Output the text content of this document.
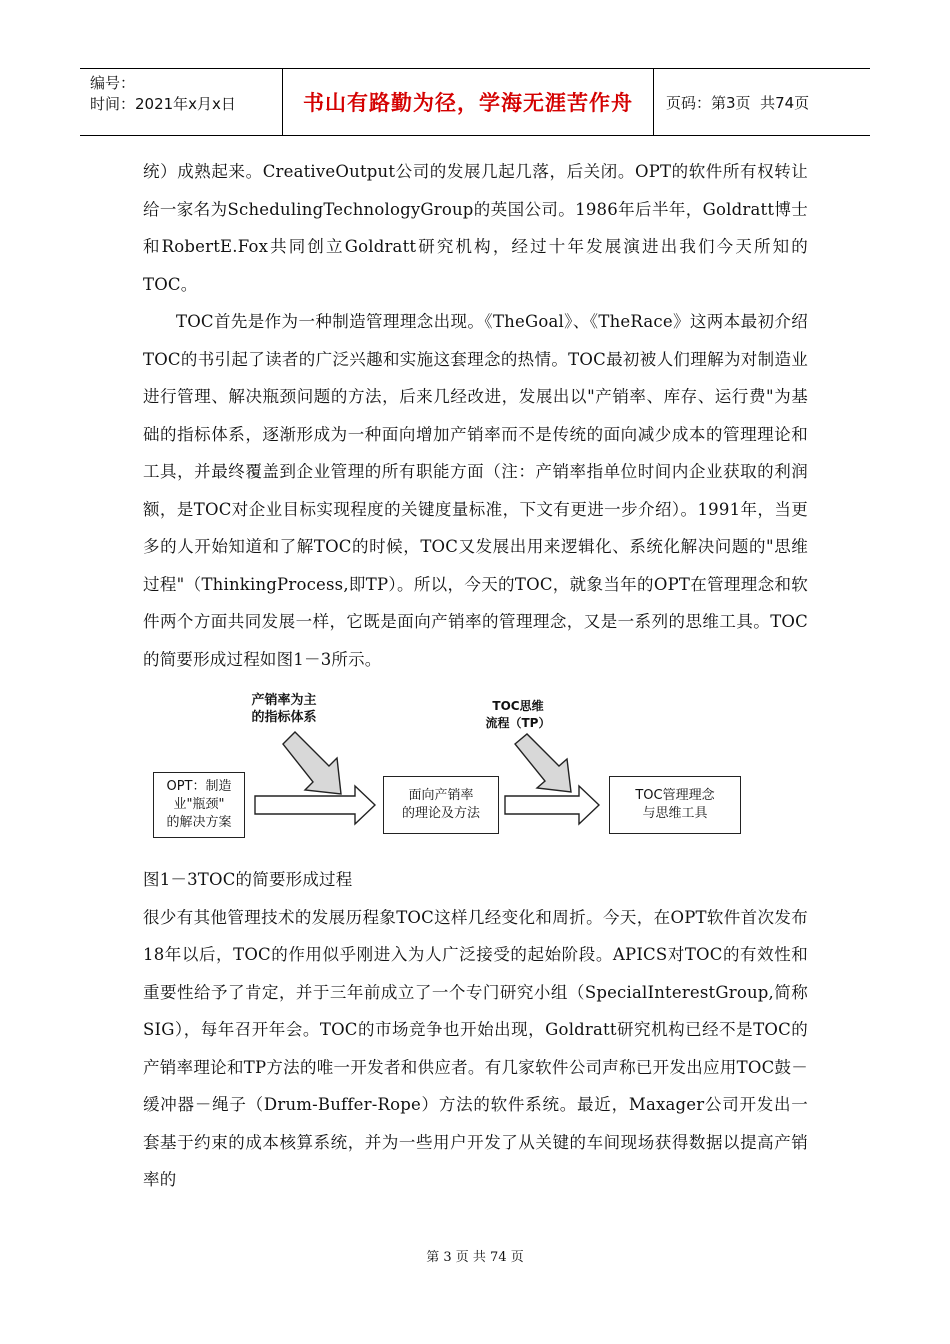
编号：
时间：2021年x月x日	书山有路勤为径，学海无涯苦作舟	页码：第3页  共74页

统）成熟起来。CreativeOutput公司的发展几起几落，后关闭。OPT的软件所有权转让给一家名为SchedulingTechnologyGroup的英国公司。1986年后半年，Goldratt博士和RobertE.Fox共同创立Goldratt研究机构，经过十年发展演进出我们今天所知的TOC。

TOC首先是作为一种制造管理理念出现。《TheGoal》、《TheRace》这两本最初介绍TOC的书引起了读者的广泛兴趣和实施这套理念的热情。TOC最初被人们理解为对制造业进行管理、解决瓶颈问题的方法，后来几经改进，发展出以"产销率、库存、运行费"为基础的指标体系，逐渐形成为一种面向增加产销率而不是传统的面向减少成本的管理理论和工具，并最终覆盖到企业管理的所有职能方面（注：产销率指单位时间内企业获取的利润额，是TOC对企业目标实现程度的关键度量标准，下文有更进一步介绍）。1991年，当更多的人开始知道和了解TOC的时候，TOC又发展出用来逻辑化、系统化解决问题的"思维过程"（ThinkingProcess,即TP）。所以，今天的TOC，就象当年的OPT在管理理念和软件两个方面共同发展一样，它既是面向产销率的管理理念，又是一系列的思维工具。TOC的简要形成过程如图1－3所示。

产销率为主
的指标体系
TOC思维
流程（TP）
OPT：制造
业"瓶颈"
的解决方案
面向产销率
的理论及方法
TOC管理理念
与思维工具

图1－3TOC的简要形成过程

很少有其他管理技术的发展历程象TOC这样几经变化和周折。今天，在OPT软件首次发布18年以后，TOC的作用似乎刚进入为人广泛接受的起始阶段。APICS对TOC的有效性和重要性给予了肯定，并于三年前成立了一个专门研究小组（SpecialInterestGroup,简称SIG），每年召开年会。TOC的市场竞争也开始出现，Goldratt研究机构已经不是TOC的产销率理论和TP方法的唯一开发者和供应者。有几家软件公司声称已开发出应用TOC鼓－缓冲器－绳子（Drum-Buffer-Rope）方法的软件系统。最近，Maxager公司开发出一套基于约束的成本核算系统，并为一些用户开发了从关键的车间现场获得数据以提高产销率的

第 3 页 共 74 页
